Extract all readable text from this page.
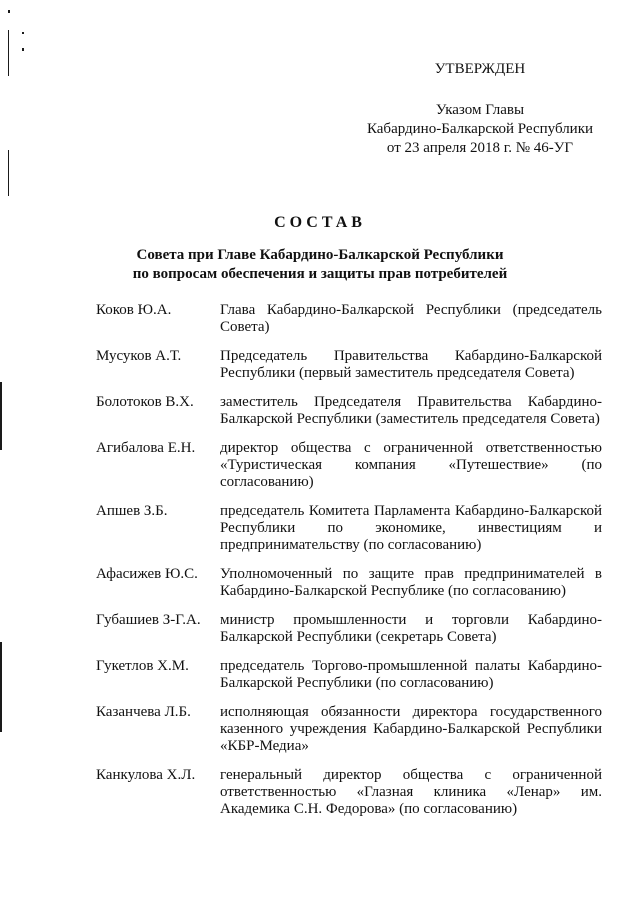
УТВЕРЖДЕН
Указом Главы
Кабардино-Балкарской Республики
от 23 апреля 2018 г. № 46-УГ
СОСТАВ
Совета при Главе Кабардино-Балкарской Республики
по вопросам обеспечения и защиты прав потребителей
Коков Ю.А.	Глава Кабардино-Балкарской Республики (председатель Совета)
Мусуков А.Т.	Председатель Правительства Кабардино-Балкарской Республики (первый заместитель председателя Совета)
Болотоков В.Х.	заместитель Председателя Правительства Кабардино-Балкарской Республики (заместитель председателя Совета)
Агибалова Е.Н.	директор общества с ограниченной ответственностью «Туристическая компания «Путешествие» (по согласованию)
Апшев З.Б.	председатель Комитета Парламента Кабардино-Балкарской Республики по экономике, инвестициям и предпринимательству (по согласованию)
Афасижев Ю.С.	Уполномоченный по защите прав предпринимателей в Кабардино-Балкарской Республике (по согласованию)
Губашиев З-Г.А.	министр промышленности и торговли Кабардино-Балкарской Республики (секретарь Совета)
Гукетлов Х.М.	председатель Торгово-промышленной палаты Кабардино-Балкарской Республики (по согласованию)
Казанчева Л.Б.	исполняющая обязанности директора государственного казенного учреждения Кабардино-Балкарской Республики «КБР-Медиа»
Канкулова Х.Л.	генеральный директор общества с ограниченной ответственностью «Глазная клиника «Ленар» им. Академика С.Н. Федорова» (по согласованию)
